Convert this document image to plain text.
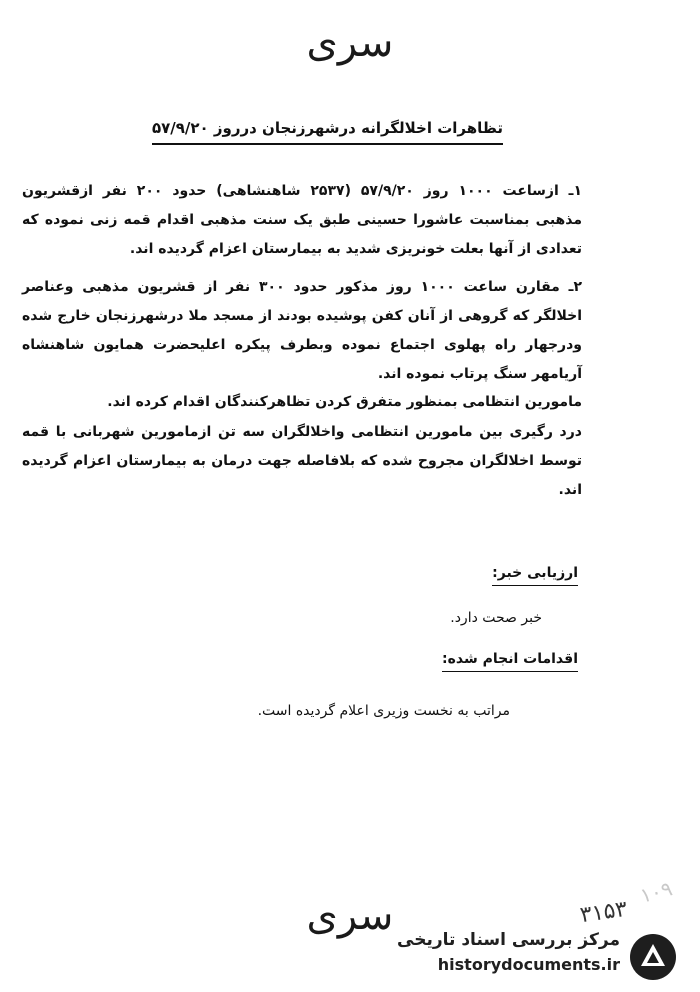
سری
تظاهرات اخلالگرانه درشهرزنجان درروز ۵۷/۹/۲۰
۱ـ ازساعت ۱۰۰۰ روز ۵۷/۹/۲۰ (۲۵۳۷ شاهنشاهی) حدود ۲۰۰ نفر ازقشریون مذهبی بمناسبت عاشورا حسینی طبق یک سنت مذهبی اقدام قمه زنی نموده که تعدادی از آنها بعلت خونریزی شدید به بیمارستان اعزام گردیده اند.
۲ـ مقارن ساعت ۱۰۰۰ روز مذکور حدود ۳۰۰ نفر از قشریون مذهبی وعناصر اخلالگر که گروهی از آنان کفن پوشیده بودند از مسجد ملا درشهرزنجان خارج شده ودرجهار راه پهلوی اجتماع نموده وبطرف پیکره اعلیحضرت همایون شاهنشاه آریامهر سنگ پرتاب نموده اند.
مامورین انتظامی بمنظور متفرق کردن تظاهرکنندگان اقدام کرده اند.
درد رگیری بین مامورین انتظامی واخلالگران سه تن ازمامورین شهربانی با قمه توسط اخلالگران مجروح شده که بلافاصله جهت درمان به بیمارستان اعزام گردیده اند.
ارزیابی خبر:
خبر صحت دارد.
اقدامات انجام شده:
مراتب به نخست وزیری اعلام گردیده است.
۱۰۹
۳۱۵۳
سری
مرکز بررسی اسناد تاریخی
historydocuments.ir
